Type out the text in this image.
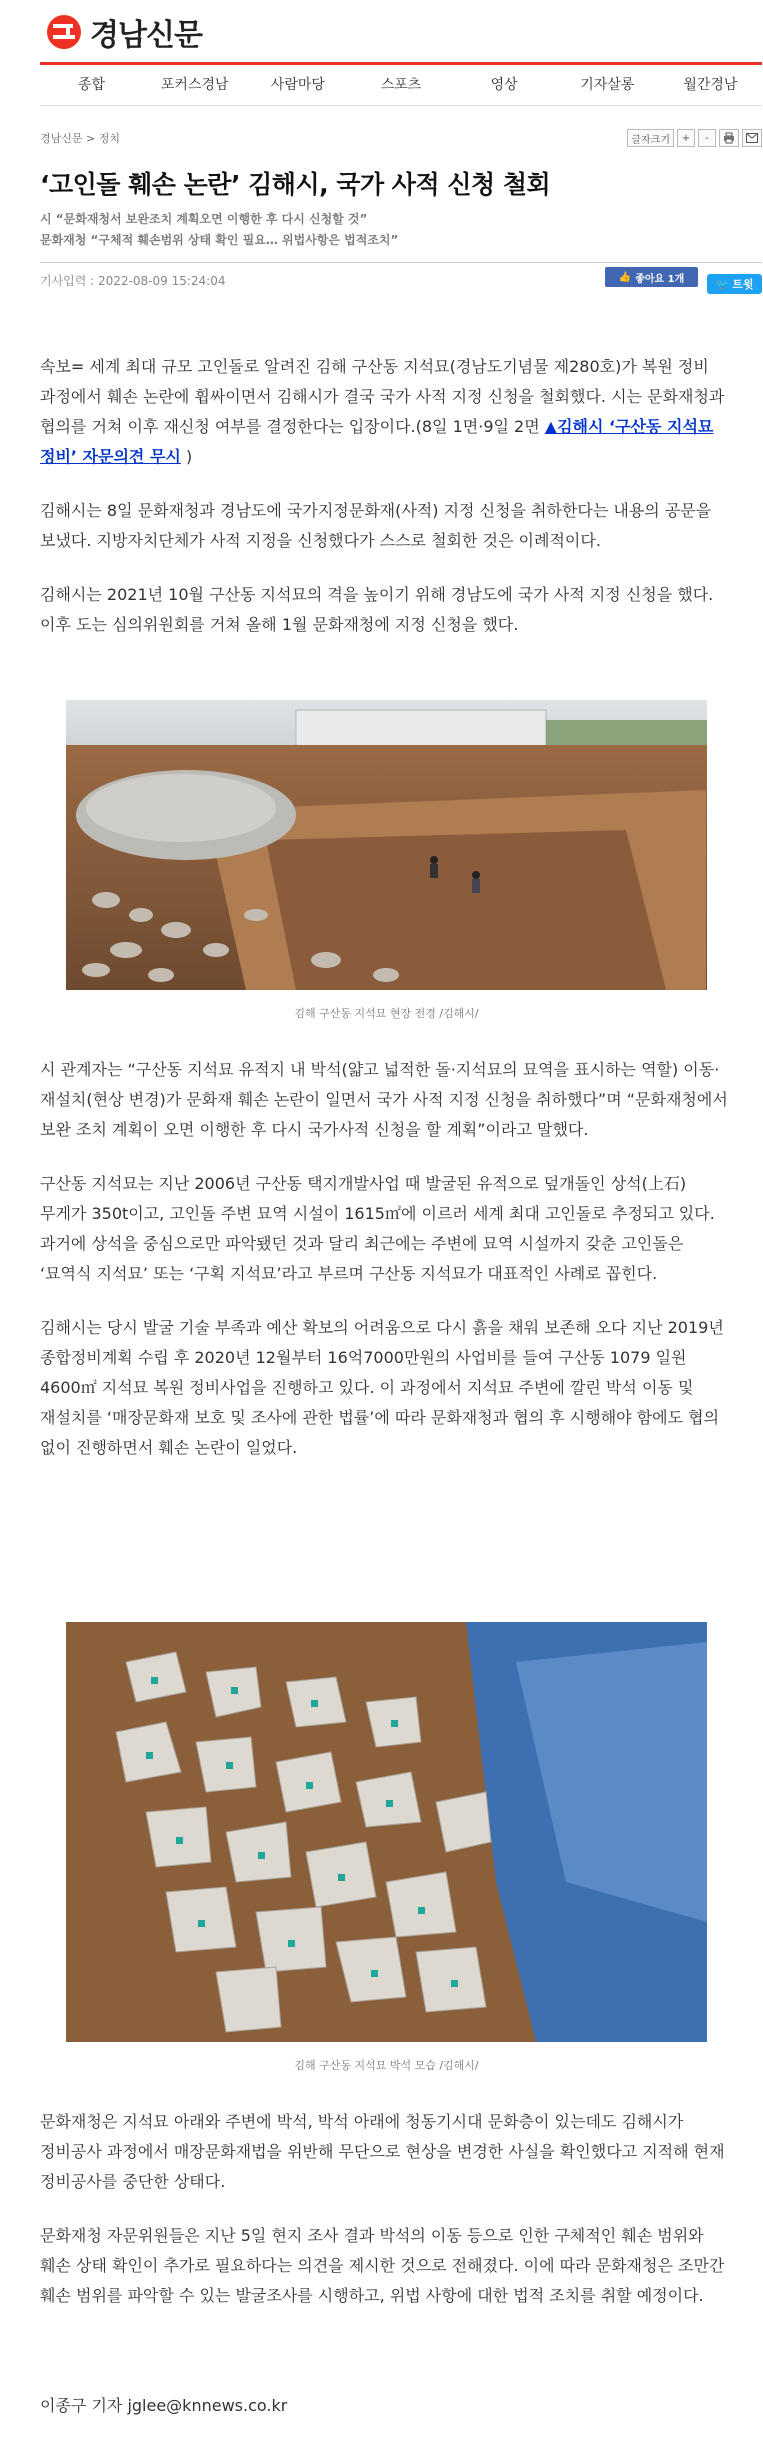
경남신문
종합	포커스경남	사람마당	스포츠	영상	기자살롱	월간경남
경남신문 > 정치	글자크기	+	-
‘고인돌 훼손 논란’ 김해시, 국가 사적 신청 철회
시 “문화재청서 보완조치 계획오면 이행한 후 다시 신청할 것”
문화재청 “구체적 훼손범위 상태 확인 필요… 위법사항은 법적조치”
기사입력 : 2022-08-09 15:24:04	👍 좋아요 1개	🐦 트윗

속보= 세계 최대 규모 고인돌로 알려진 김해 구산동 지석묘(경남도기념물 제280호)가 복원 정비 과정에서 훼손 논란에 휩싸이면서 김해시가 결국 국가 사적 지정 신청을 철회했다. 시는 문화재청과 협의를 거쳐 이후 재신청 여부를 결정한다는 입장이다.(8일 1면·9일 2면 ▲김해시 ‘구산동 지석묘 정비’ 자문의견 무시 )

김해시는 8일 문화재청과 경남도에 국가지정문화재(사적) 지정 신청을 취하한다는 내용의 공문을 보냈다. 지방자치단체가 사적 지정을 신청했다가 스스로 철회한 것은 이례적이다.

김해시는 2021년 10월 구산동 지석묘의 격을 높이기 위해 경남도에 국가 사적 지정 신청을 했다. 이후 도는 심의위원회를 거쳐 올해 1월 문화재청에 지정 신청을 했다.

김해 구산동 지석묘 현장 전경 /김해시/

시 관계자는 “구산동 지석묘 유적지 내 박석(얇고 넓적한 돌·지석묘의 묘역을 표시하는 역할) 이동·재설치(현상 변경)가 문화재 훼손 논란이 일면서 국가 사적 지정 신청을 취하했다”며 “문화재청에서 보완 조치 계획이 오면 이행한 후 다시 국가사적 신청을 할 계획”이라고 말했다.

구산동 지석묘는 지난 2006년 구산동 택지개발사업 때 발굴된 유적으로 덮개돌인 상석(上石) 무게가 350t이고, 고인돌 주변 묘역 시설이 1615㎡에 이르러 세계 최대 고인돌로 추정되고 있다. 과거에 상석을 중심으로만 파악됐던 것과 달리 최근에는 주변에 묘역 시설까지 갖춘 고인돌은 ‘묘역식 지석묘’ 또는 ‘구획 지석묘’라고 부르며 구산동 지석묘가 대표적인 사례로 꼽힌다.

김해시는 당시 발굴 기술 부족과 예산 확보의 어려움으로 다시 흙을 채워 보존해 오다 지난 2019년 종합정비계획 수립 후 2020년 12월부터 16억7000만원의 사업비를 들여 구산동 1079 일원 4600㎡ 지석묘 복원 정비사업을 진행하고 있다. 이 과정에서 지석묘 주변에 깔린 박석 이동 및 재설치를 ‘매장문화재 보호 및 조사에 관한 법률’에 따라 문화재청과 협의 후 시행해야 함에도 협의 없이 진행하면서 훼손 논란이 일었다.

김해 구산동 지석묘 박석 모습 /김해시/

문화재청은 지석묘 아래와 주변에 박석, 박석 아래에 청동기시대 문화층이 있는데도 김해시가 정비공사 과정에서 매장문화재법을 위반해 무단으로 현상을 변경한 사실을 확인했다고 지적해 현재 정비공사를 중단한 상태다.

문화재청 자문위원들은 지난 5일 현지 조사 결과 박석의 이동 등으로 인한 구체적인 훼손 범위와 훼손 상태 확인이 추가로 필요하다는 의견을 제시한 것으로 전해졌다. 이에 따라 문화재청은 조만간 훼손 범위를 파악할 수 있는 발굴조사를 시행하고, 위법 사항에 대한 법적 조치를 취할 예정이다.

이종구 기자 jglee@knnews.co.kr
